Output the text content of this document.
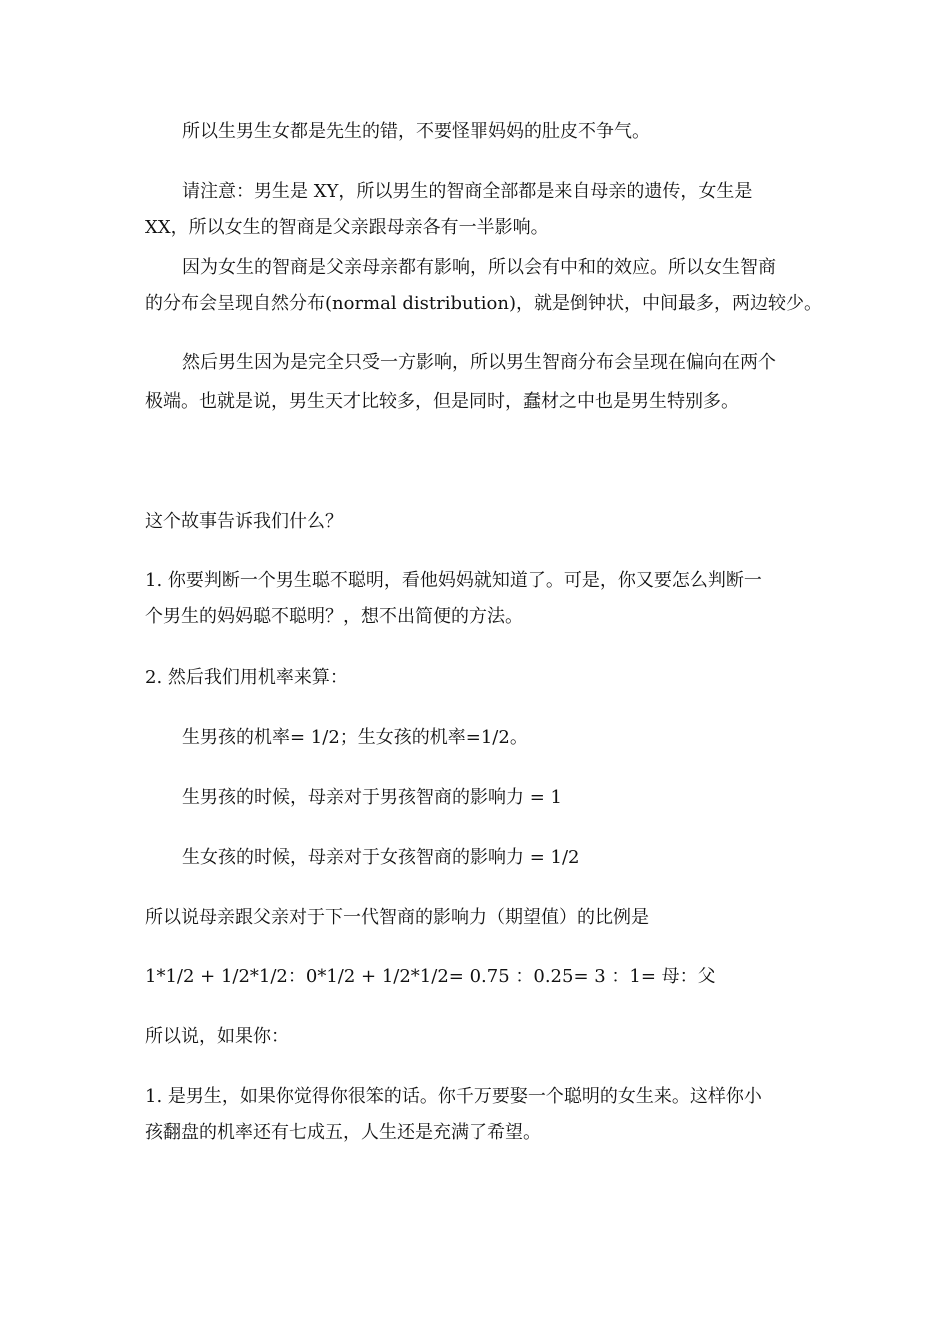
所以生男生女都是先生的错，不要怪罪妈妈的肚皮不争气。
请注意：男生是 XY，所以男生的智商全部都是来自母亲的遗传，女生是
XX，所以女生的智商是父亲跟母亲各有一半影响。
因为女生的智商是父亲母亲都有影响，所以会有中和的效应。所以女生智商
的分布会呈现自然分布(normal distribution)，就是倒钟状，中间最多，两边较少。
然后男生因为是完全只受一方影响，所以男生智商分布会呈现在偏向在两个
极端。也就是说，男生天才比较多，但是同时，蠢材之中也是男生特别多。
这个故事告诉我们什么？
1. 你要判断一个男生聪不聪明，看他妈妈就知道了。可是，你又要怎么判断一
个男生的妈妈聪不聪明？，想不出简便的方法。
2. 然后我们用机率来算：
生男孩的机率= 1/2；生女孩的机率=1/2。
生男孩的时候，母亲对于男孩智商的影响力 = 1
生女孩的时候，母亲对于女孩智商的影响力 = 1/2
所以说母亲跟父亲对于下一代智商的影响力（期望值）的比例是
1*1/2 + 1/2*1/2：0*1/2 + 1/2*1/2= 0.75 ：0.25= 3 ：1= 母：父
所以说，如果你：
1. 是男生，如果你觉得你很笨的话。你千万要娶一个聪明的女生来。这样你小
孩翻盘的机率还有七成五，人生还是充满了希望。
